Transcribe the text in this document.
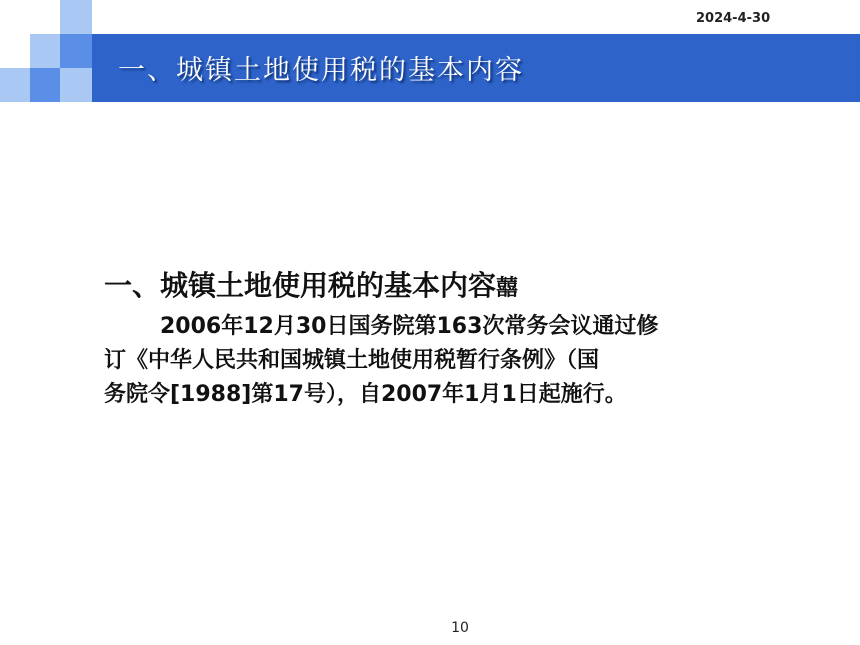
一、城镇土地使用税的基本内容
2024-4-30
一、城镇土地使用税的基本内容囍
2006年12月30日国务院第163次常务会议通过修
订《中华人民共和国城镇土地使用税暂行条例》（国
务院令[1988]第17号），自2007年1月1日起施行。
10
